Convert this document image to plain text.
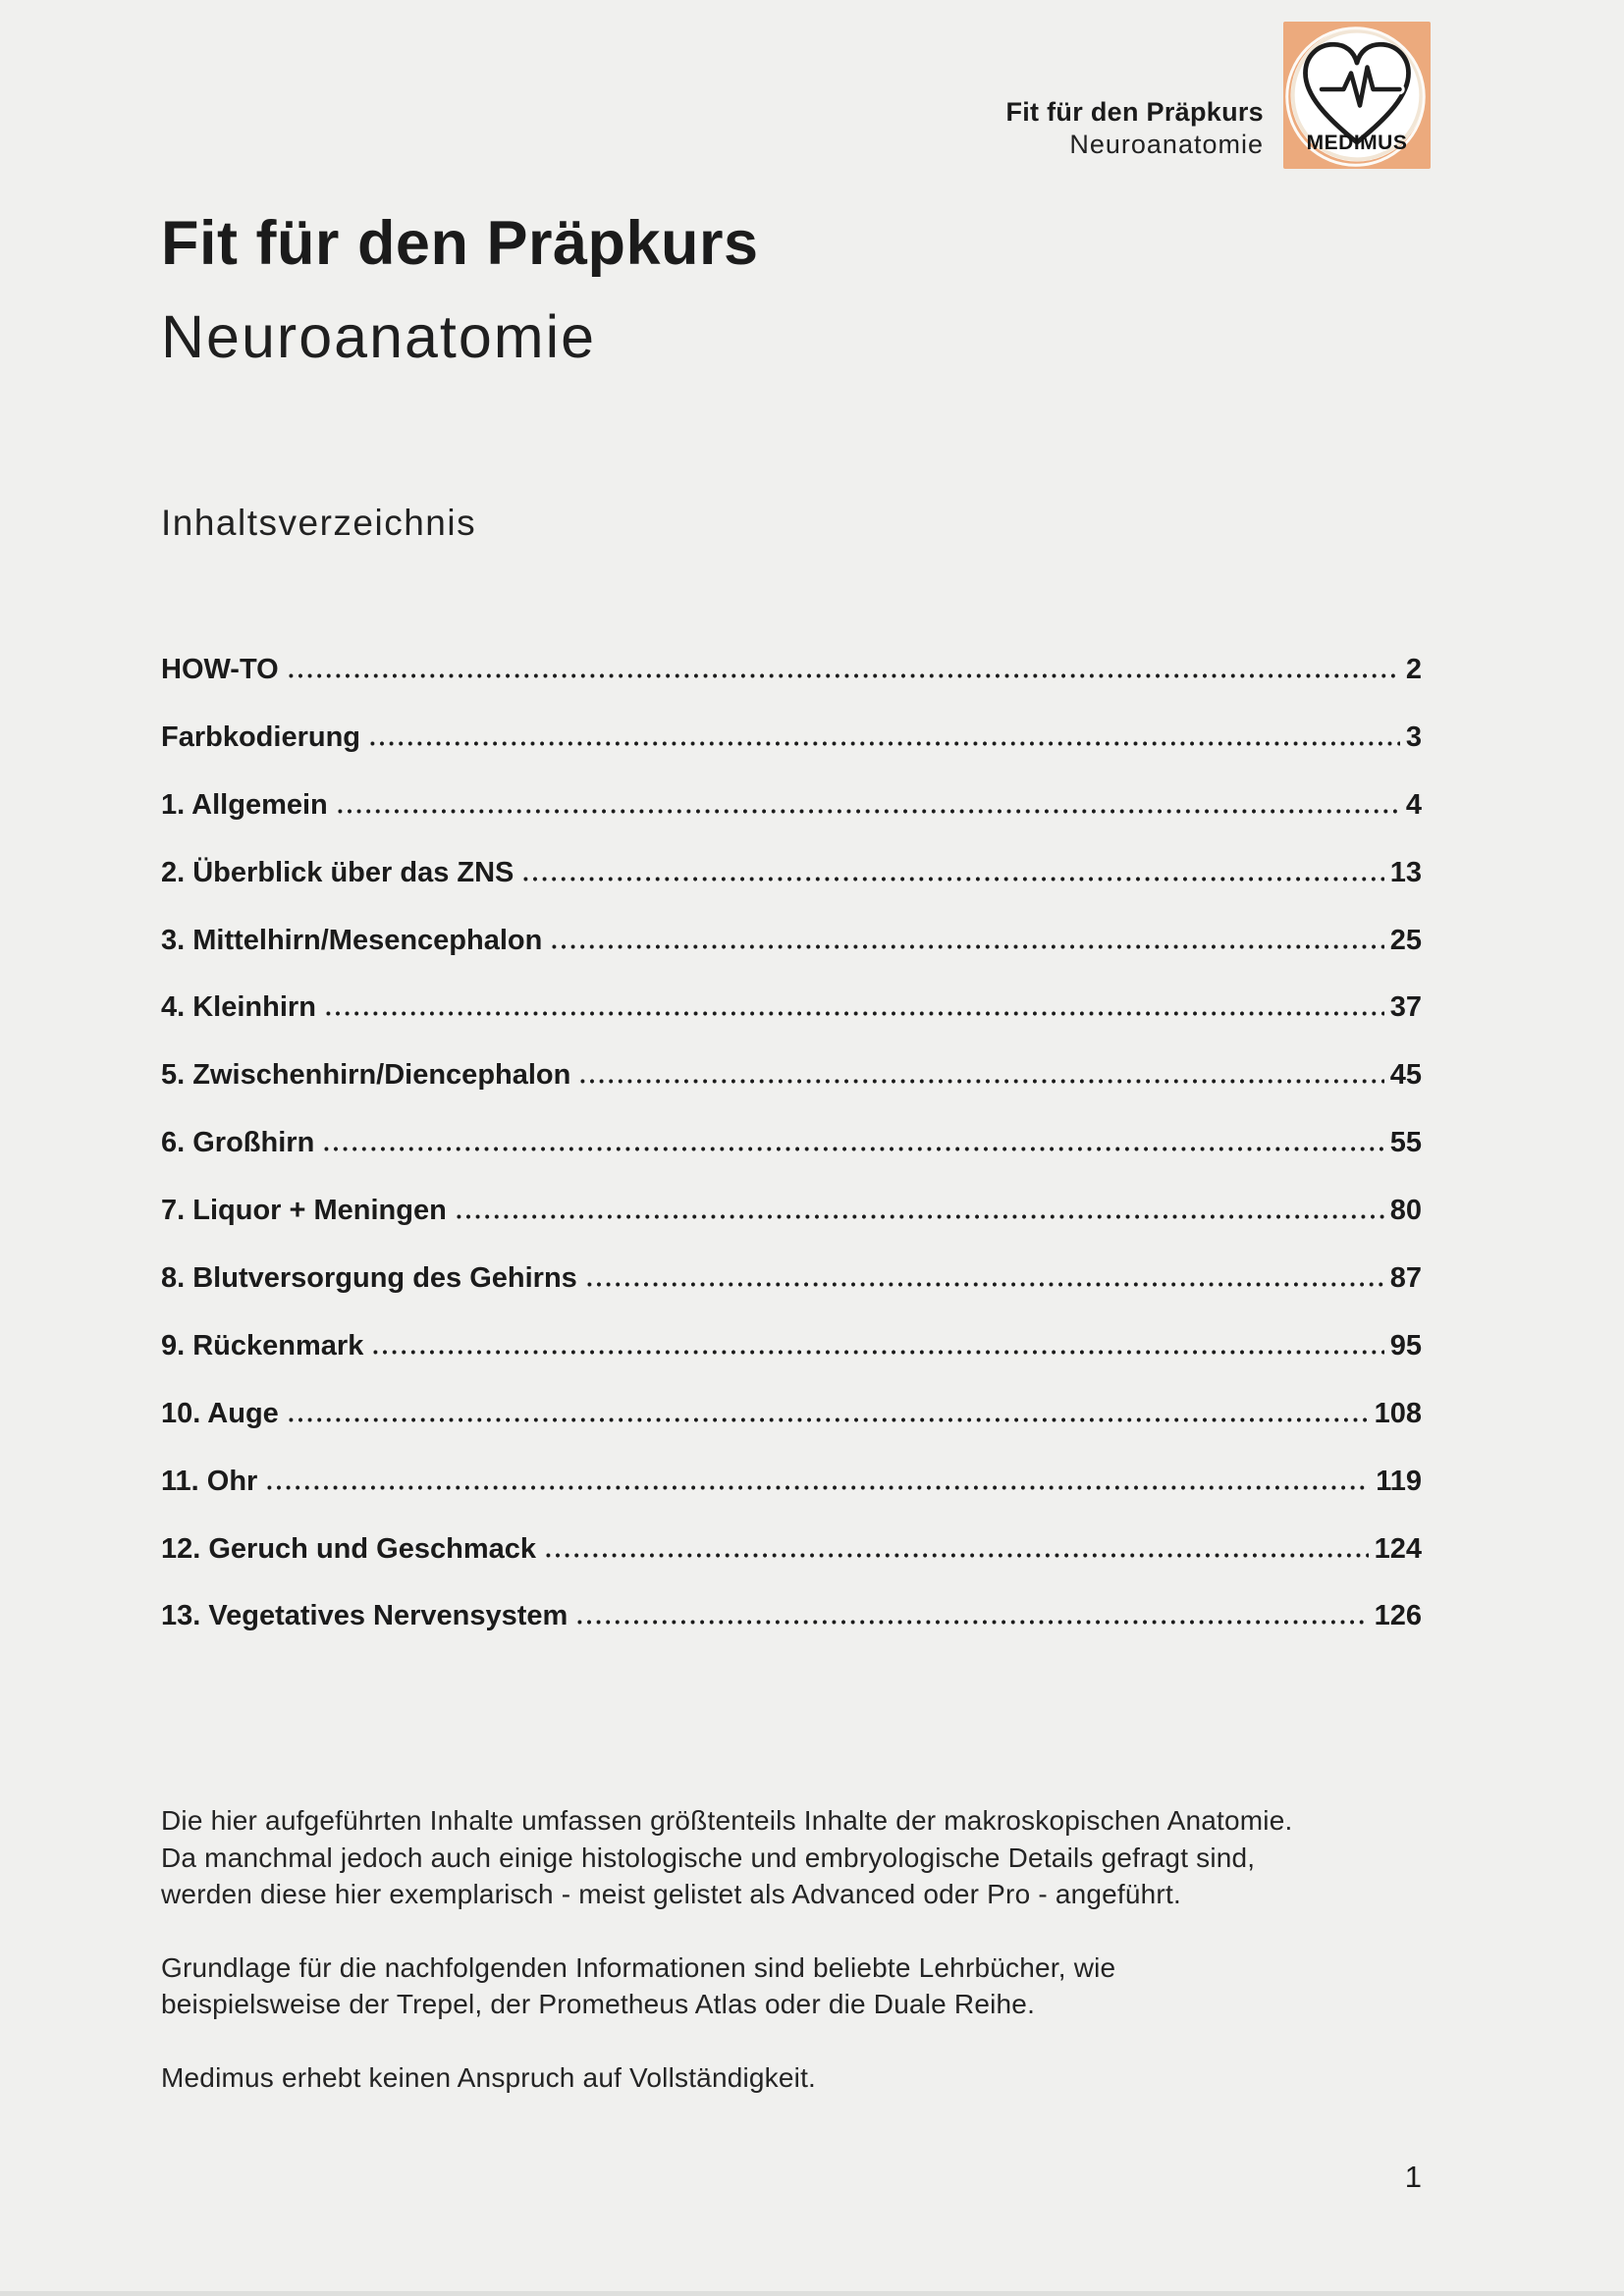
Fit für den Präpkurs
Neuroanatomie	MEDIMUS
Fit für den Präpkurs
Neuroanatomie
Inhaltsverzeichnis
HOW-TO	2
Farbkodierung	3
1. Allgemein	4
2. Überblick über das ZNS	13
3. Mittelhirn/Mesencephalon	25
4. Kleinhirn	37
5. Zwischenhirn/Diencephalon	45
6. Großhirn	55
7. Liquor + Meningen	80
8. Blutversorgung des Gehirns	87
9. Rückenmark	95
10. Auge	108
11. Ohr	119
12. Geruch und Geschmack	124
13. Vegetatives Nervensystem	126

Die hier aufgeführten Inhalte umfassen größtenteils Inhalte der makroskopischen Anatomie. Da manchmal jedoch auch einige histologische und embryologische Details gefragt sind, werden diese hier exemplarisch - meist gelistet als Advanced oder Pro - angeführt.

Grundlage für die nachfolgenden Informationen sind beliebte Lehrbücher, wie beispielsweise der Trepel, der Prometheus Atlas oder die Duale Reihe.

Medimus erhebt keinen Anspruch auf Vollständigkeit.

1
